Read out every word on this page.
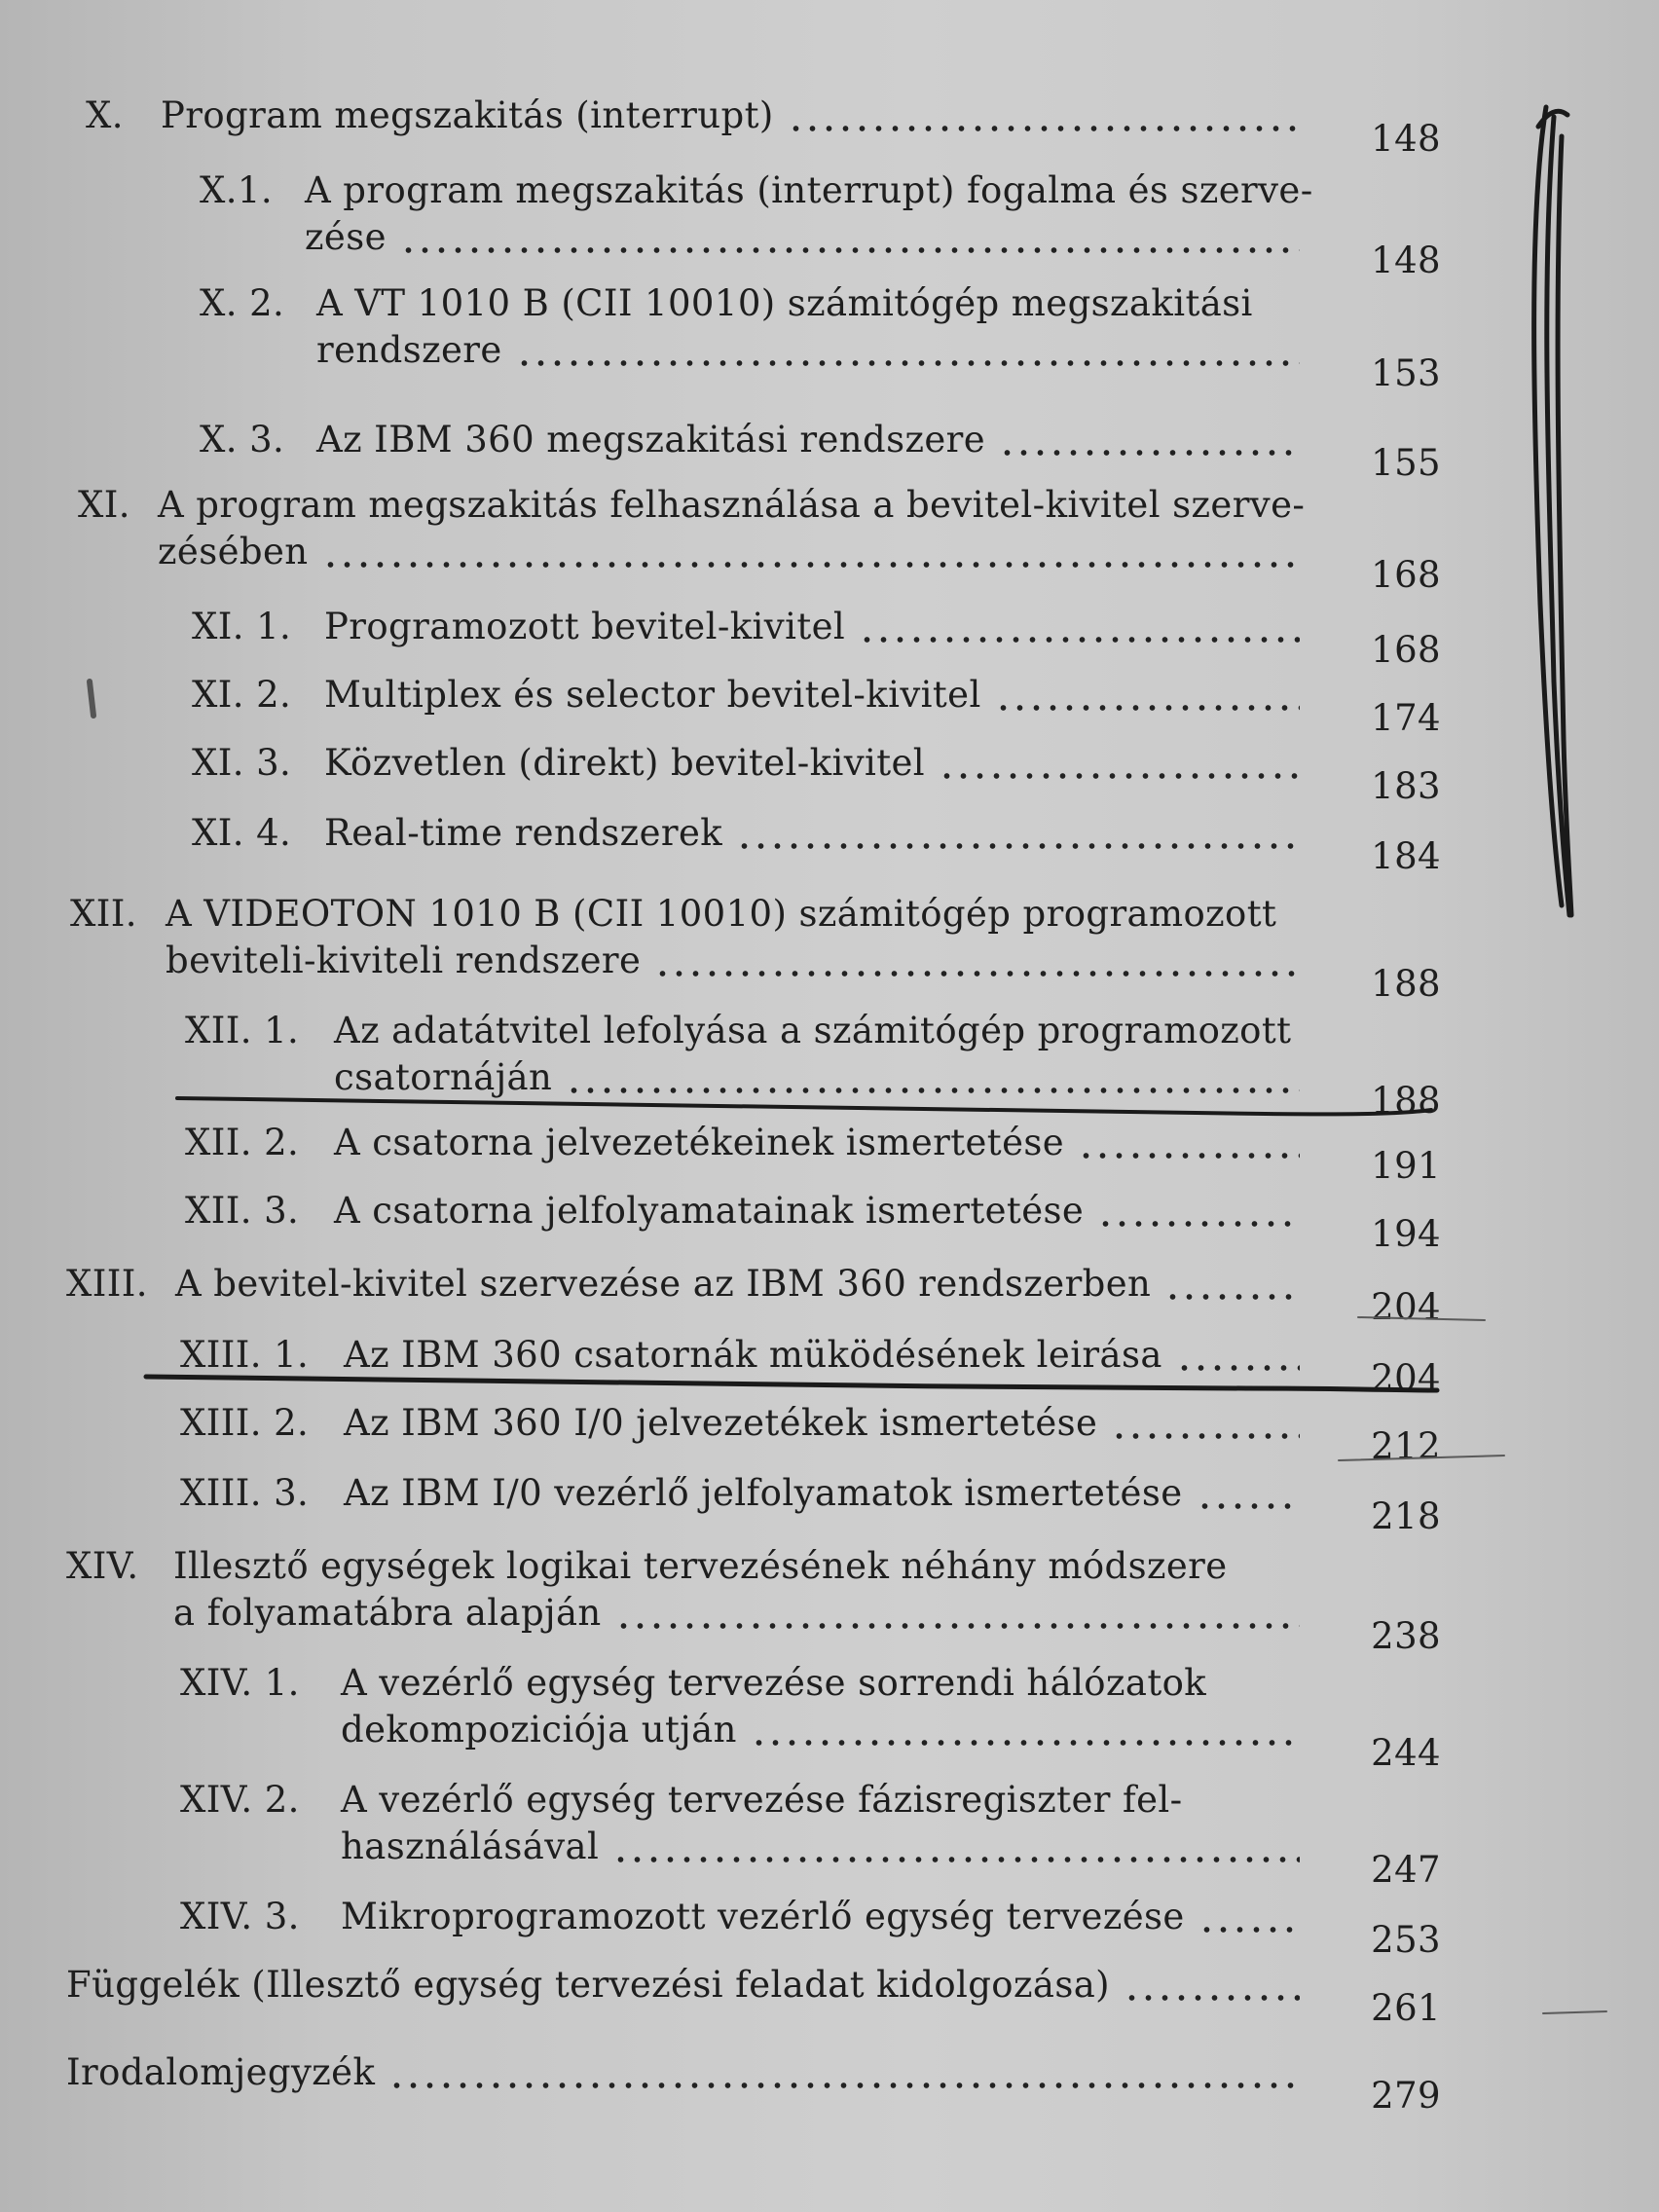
X. Program megszakitás (interrupt)
148
X.1. A program megszakitás (interrupt) fogalma és szerve-
zése
148
X. 2. A VT 1010 B (CII 10010) számitógép megszakitási
rendszere
153
X. 3. Az IBM 360 megszakitási rendszere
155
XI. A program megszakitás felhasználása a bevitel-kivitel szerve-
zésében
168
XI. 1. Programozott bevitel-kivitel
168
XI. 2. Multiplex és selector bevitel-kivitel
174
XI. 3. Közvetlen (direkt) bevitel-kivitel
183
XI. 4. Real-time rendszerek
184
XII. A VIDEOTON 1010 B (CII 10010) számitógép programozott
beviteli-kiviteli rendszere
188
XII. 1. Az adatátvitel lefolyása a számitógép programozott
csatornáján
188
XII. 2. A csatorna jelvezetékeinek ismertetése
191
XII. 3. A csatorna jelfolyamatainak ismertetése
194
XIII. A bevitel-kivitel szervezése az IBM 360 rendszerben
204
XIII. 1. Az IBM 360 csatornák müködésének leirása
204
XIII. 2. Az IBM 360 I/0 jelvezetékek ismertetése
212
XIII. 3. Az IBM I/0 vezérlő jelfolyamatok ismertetése
218
XIV. Illesztő egységek logikai tervezésének néhány módszere
a folyamatábra alapján
238
XIV. 1. A vezérlő egység tervezése sorrendi hálózatok
dekompoziciója utján
244
XIV. 2. A vezérlő egység tervezése fázisregiszter fel-
használásával
247
XIV. 3. Mikroprogramozott vezérlő egység tervezése
253
Függelék (Illesztő egység tervezési feladat kidolgozása)
261
Irodalomjegyzék
279
